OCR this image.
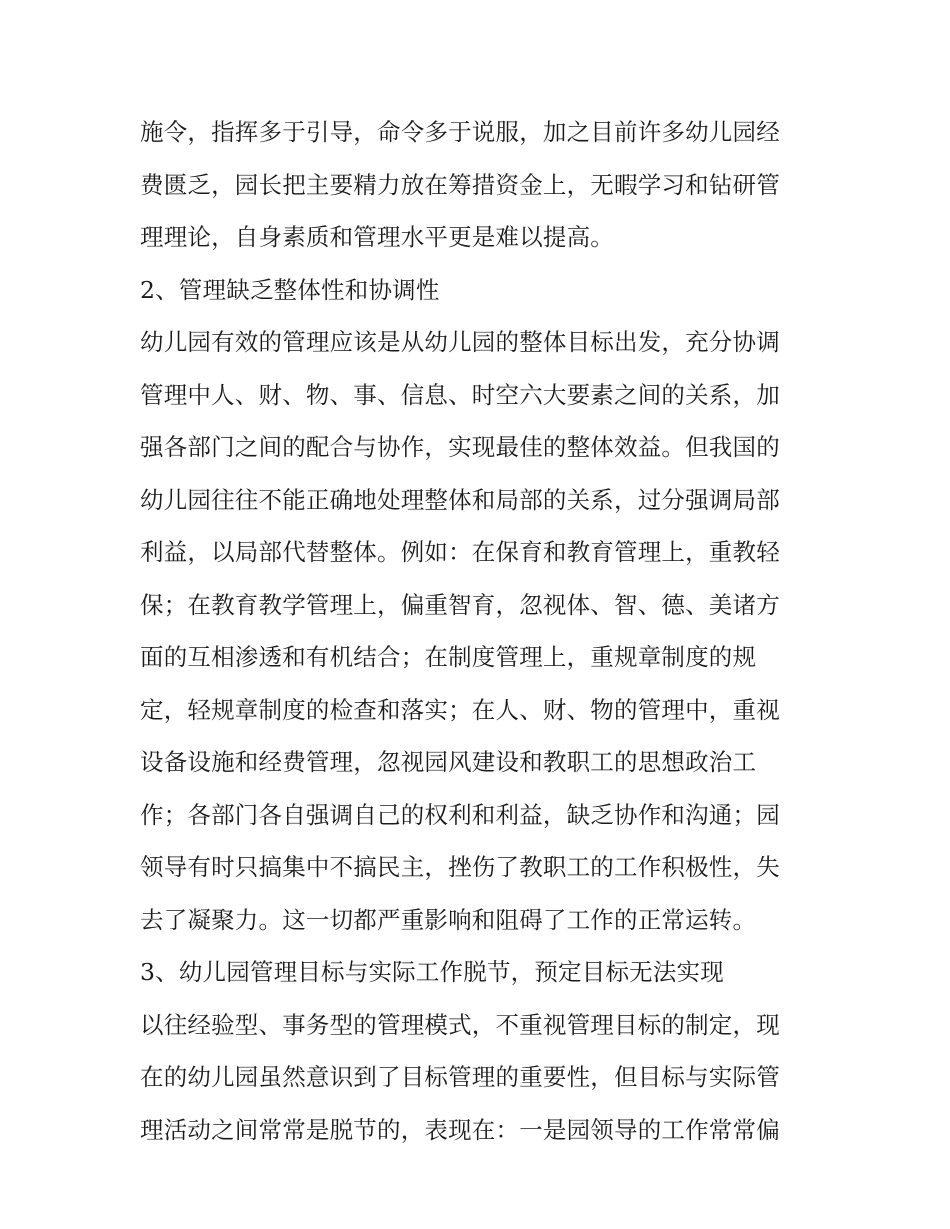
施令，指挥多于引导，命令多于说服，加之目前许多幼儿园经
费匮乏，园长把主要精力放在筹措资金上，无暇学习和钻研管
理理论，自身素质和管理水平更是难以提高。
2、管理缺乏整体性和协调性
幼儿园有效的管理应该是从幼儿园的整体目标出发，充分协调
管理中人、财、物、事、信息、时空六大要素之间的关系，加
强各部门之间的配合与协作，实现最佳的整体效益。但我国的
幼儿园往往不能正确地处理整体和局部的关系，过分强调局部
利益，以局部代替整体。例如：在保育和教育管理上，重教轻
保；在教育教学管理上，偏重智育，忽视体、智、德、美诸方
面的互相渗透和有机结合；在制度管理上，重规章制度的规
定，轻规章制度的检查和落实；在人、财、物的管理中，重视
设备设施和经费管理，忽视园风建设和教职工的思想政治工
作；各部门各自强调自己的权利和利益，缺乏协作和沟通；园
领导有时只搞集中不搞民主，挫伤了教职工的工作积极性，失
去了凝聚力。这一切都严重影响和阻碍了工作的正常运转。
3、幼儿园管理目标与实际工作脱节，预定目标无法实现
以往经验型、事务型的管理模式，不重视管理目标的制定，现
在的幼儿园虽然意识到了目标管理的重要性，但目标与实际管
理活动之间常常是脱节的，表现在：一是园领导的工作常常偏
